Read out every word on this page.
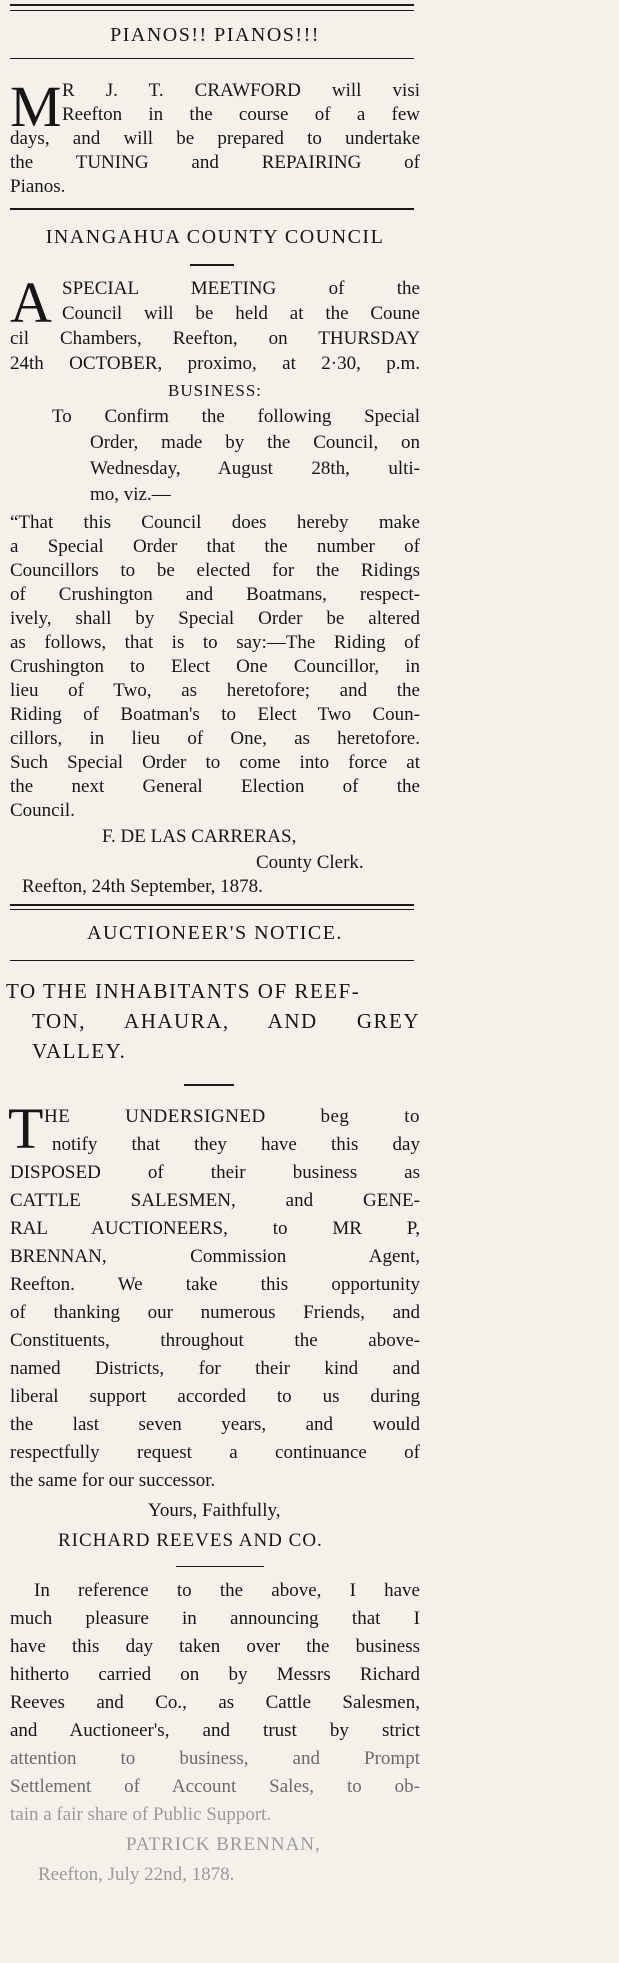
PIANOS!! PIANOS!!!
M R J. T. CRAWFORD will visi
Reefton in the course of a few
days, and will be prepared to undertake
the TUNING and REPAIRING of
Pianos.
INANGAHUA COUNTY COUNCIL
A SPECIAL MEETING of the
Council will be held at the Coune
cil Chambers, Reefton, on THURSDAY
24th OCTOBER, proximo, at 2·30, p.m.
BUSINESS:
To Confirm the following Special
Order, made by the Council, on
Wednesday, August 28th, ulti-
mo, viz.—
“That this Council does hereby make
a Special Order that the number of
Councillors to be elected for the Ridings
of Crushington and Boatmans, respect-
ively, shall by Special Order be altered
as follows, that is to say:—The Riding of
Crushington to Elect One Councillor, in
lieu of Two, as heretofore; and the
Riding of Boatman's to Elect Two Coun-
cillors, in lieu of One, as heretofore.
Such Special Order to come into force at
the next General Election of the
Council.
F. DE LAS CARRERAS,
County Clerk.
Reefton, 24th September, 1878.
AUCTIONEER'S NOTICE.
TO THE INHABITANTS OF REEF-
TON, AHAURA, AND GREY
VALLEY.
T HE UNDERSIGNED beg to
notify that they have this day
DISPOSED of their business as
CATTLE SALESMEN, and GENE-
RAL AUCTIONEERS, to MR P,
BRENNAN, Commission Agent,
Reefton. We take this opportunity
of thanking our numerous Friends, and
Constituents, throughout the above-
named Districts, for their kind and
liberal support accorded to us during
the last seven years, and would
respectfully request a continuance of
the same for our successor.
Yours, Faithfully,
RICHARD REEVES AND CO.
In reference to the above, I have
much pleasure in announcing that I
have this day taken over the business
hitherto carried on by Messrs Richard
Reeves and Co., as Cattle Salesmen,
and Auctioneer's, and trust by strict
attention to business, and Prompt
Settlement of Account Sales, to ob-
tain a fair share of Public Support.
PATRICK BRENNAN,
Reefton, July 22nd, 1878.
